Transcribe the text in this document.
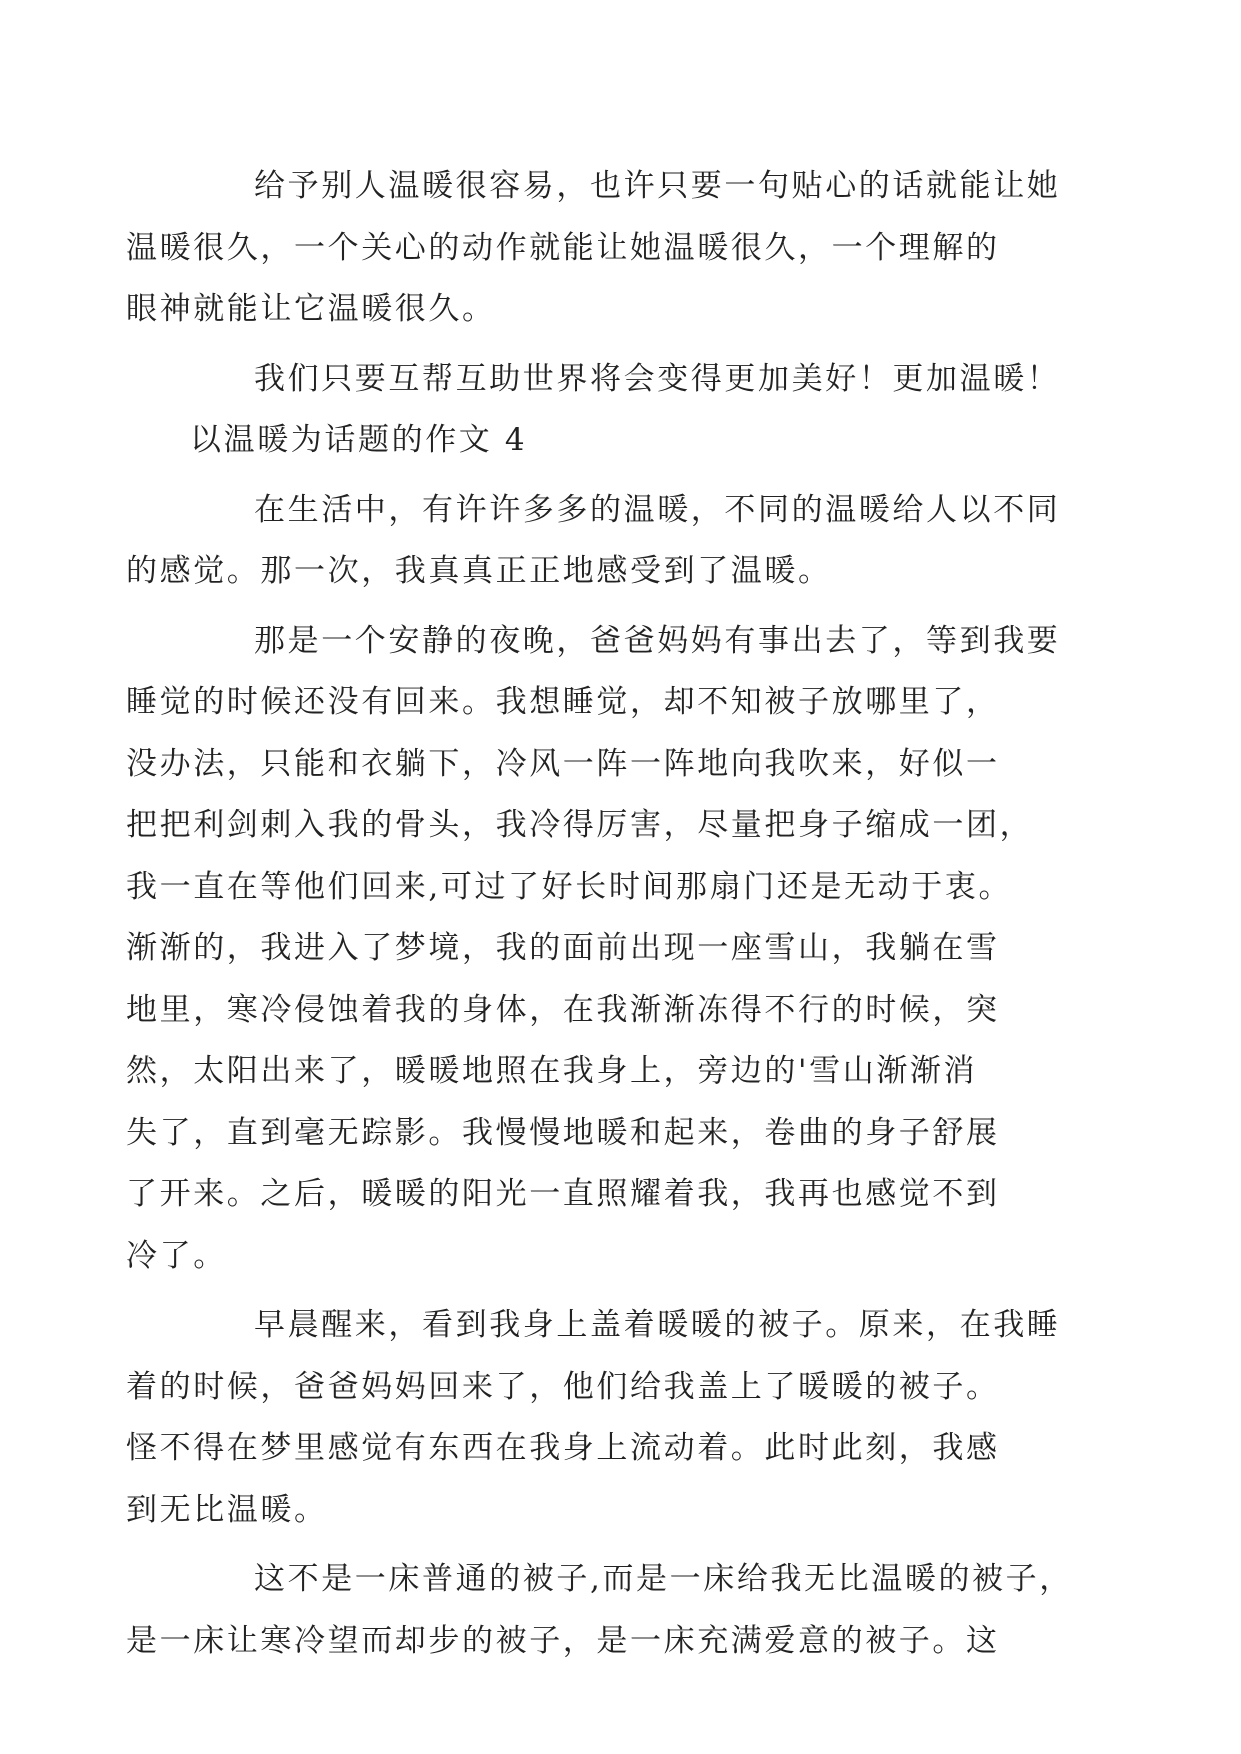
给予别人温暖很容易，也许只要一句贴心的话就能让她
温暖很久，一个关心的动作就能让她温暖很久，一个理解的
眼神就能让它温暖很久。

我们只要互帮互助世界将会变得更加美好！更加温暖！

以温暖为话题的作文 4

在生活中，有许许多多的温暖，不同的温暖给人以不同
的感觉。那一次，我真真正正地感受到了温暖。

那是一个安静的夜晚，爸爸妈妈有事出去了，等到我要
睡觉的时候还没有回来。我想睡觉，却不知被子放哪里了，
没办法，只能和衣躺下，冷风一阵一阵地向我吹来，好似一
把把利剑刺入我的骨头，我冷得厉害，尽量把身子缩成一团，
我一直在等他们回来,可过了好长时间那扇门还是无动于衷。
渐渐的，我进入了梦境，我的面前出现一座雪山，我躺在雪
地里，寒冷侵蚀着我的身体，在我渐渐冻得不行的时候，突
然，太阳出来了，暖暖地照在我身上，旁边的'雪山渐渐消
失了，直到毫无踪影。我慢慢地暖和起来，卷曲的身子舒展
了开来。之后，暖暖的阳光一直照耀着我，我再也感觉不到
冷了。

早晨醒来，看到我身上盖着暖暖的被子。原来，在我睡
着的时候，爸爸妈妈回来了，他们给我盖上了暖暖的被子。
怪不得在梦里感觉有东西在我身上流动着。此时此刻，我感
到无比温暖。

这不是一床普通的被子,而是一床给我无比温暖的被子，
是一床让寒冷望而却步的被子，是一床充满爱意的被子。这
